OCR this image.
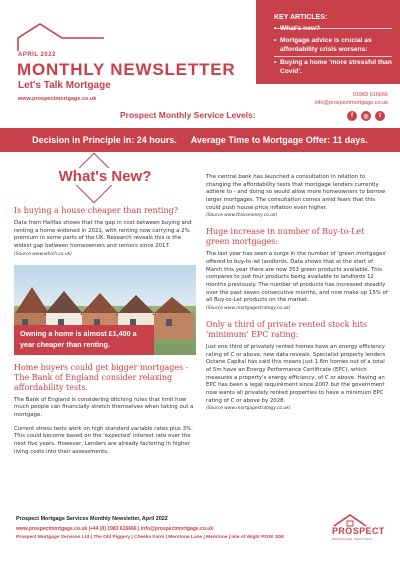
APRIL 2022
MONTHLY NEWSLETTER
Let's Talk Mortgage
www.prospectmortgage.co.uk
KEY ARTICLES:
•
• Mortgage advice is crucial as affordability crisis worsens:
• Buying a home 'more stressful than Covid'.
01983 616666
info@prospectmortgage.co.uk
Prospect Monthly Service Levels:	f	◎	t
Decision in Principle in: 24 hours. Average Time to Mortgage Offer: 11 days.
What's New?
Is buying a house cheaper than renting?

Data from Halifax shows that the gap in cost between buying and renting a home widened in 2021, with renting now carrying a 2% premium in some parts of the UK. Research reveals this is the widest gap between homeowners and renters since 2017.

(Source www.which.co.uk)

Owning a home is almost £1,400 a year cheaper than renting.
Home buyers could get bigger mortgages - The Bank of England consider relaxing affordability tests.

The Bank of England is considering ditching rules that limit how much people can financially stretch themselves when taking out a mortgage.

Current stress tests work on high standard variable rates plus 3%. This could become based on the 'expected' interest rate over the next five years. However, Lenders are already factoring in higher living costs into their assessments.

The central bank has launched a consultation in relation to changing the affordability tests that mortgage lenders currently adhere to - and doing so would allow more homeowners to borrow larger mortgages. The consultation comes amid fears that this could push house price inflation even higher.

(Source www.thisismoney.co.uk)

Huge increase in number of Buy-to-Let green mortgages:

The last year has seen a surge in the number of 'green mortgages' offered to buy-to-let landlords. Data shows that at the start of March this year there are now 353 green products available. This compares to just four products being available to landlords 12 months previously. The number of products has increased steadily over the past seven consecutive months, and now make up 15% of all Buy-to-Let products on the market.

(Source www.mortgagestrategy.co.uk)

Only a third of private rented stock hits 'minimum' EPC rating:

Just one third of privately rented homes have an energy efficiency rating of C or above, new data reveals. Specialist property lenders Octane Capital has said this means just 1.6m homes out of a total of 5m have an Energy Performance Certificate (EPC), which measures a property's energy efficiency, of C or above. Having an EPC has been a legal requirement since 2007 but the government now wants all privately rented properties to have a minimum EPC rating of C or above by 2028.

(Source www.mortgagestrategy.co.uk)

Prospect Mortgage Services Monthly Newsletter, April 2022
www.prospectmortgage.co.uk |+44 (0) 1983 616666 | info@prospectmortgage.co.uk
Prospect Mortgage Services Ltd | The Old Piggery | Cheeks Farm | Merstone Lane | Merstone | Isle of Wight PO30 3DE
PROSPECT
MORTGAGE SERVICES
